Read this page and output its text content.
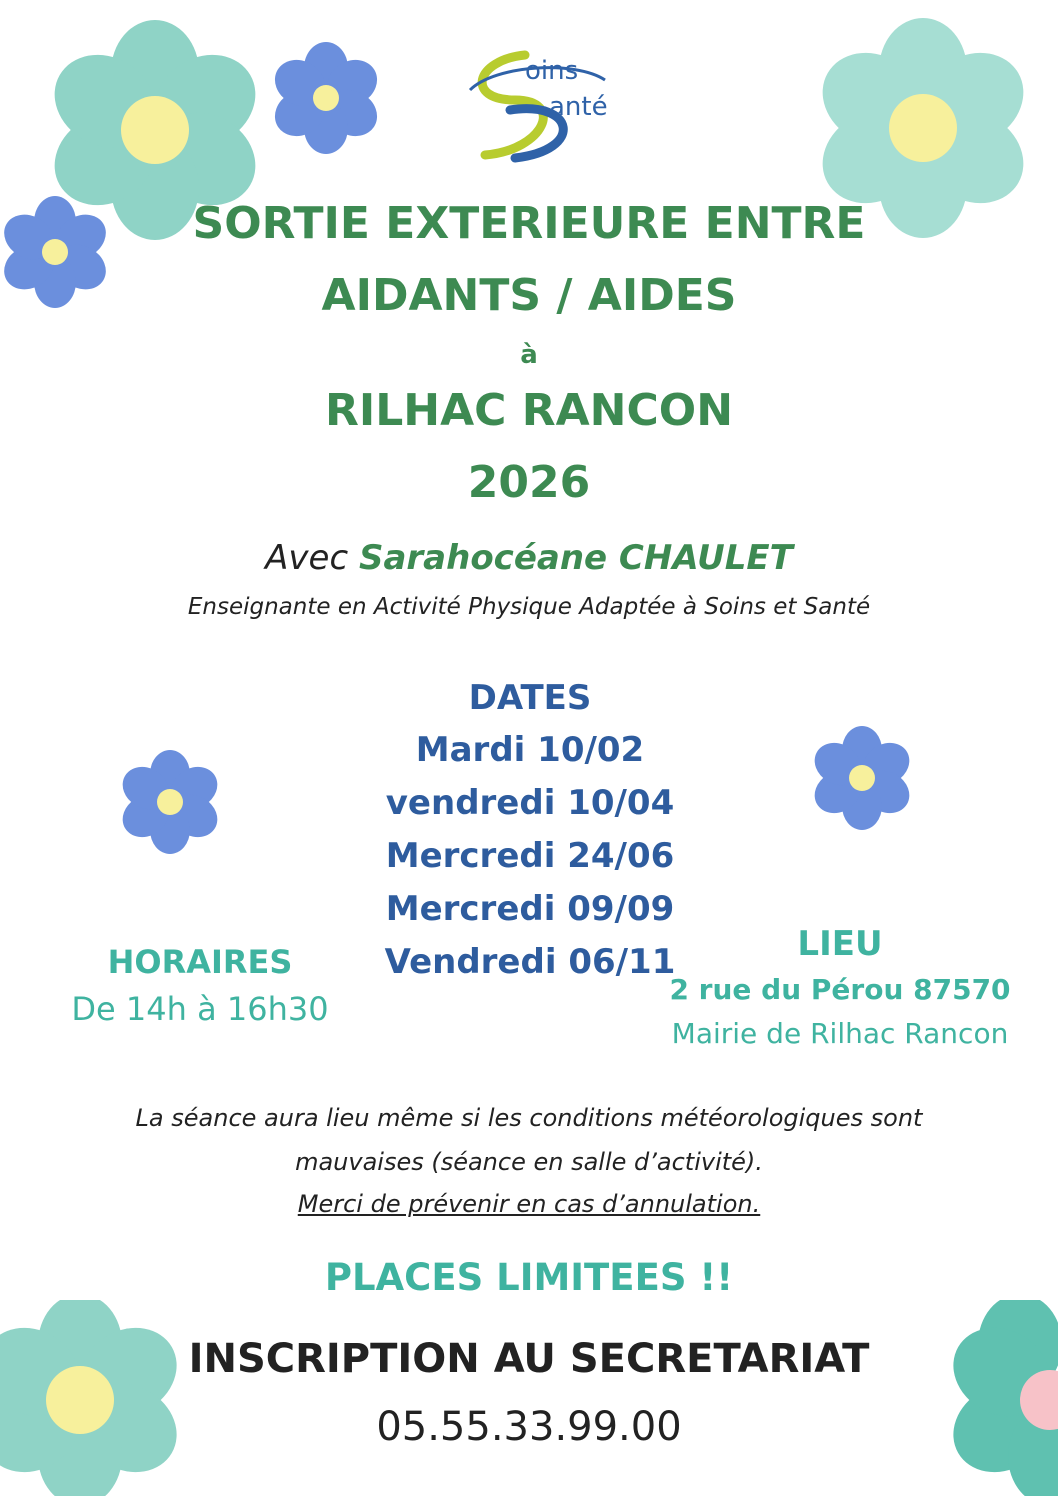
oins
anté

SORTIE EXTERIEURE ENTRE

AIDANTS / AIDES

à

RILHAC RANCON

2026

Avec Sarahocéane CHAULET

Enseignante en Activité Physique Adaptée à Soins et Santé

DATES
Mardi 10/02
vendredi 10/04
Mercredi 24/06
Mercredi 09/09
Vendredi 06/11
HORAIRES
De 14h à 16h30
LIEU
2 rue du Pérou 87570
Mairie de Rilhac Rancon

La séance aura lieu même si les conditions météorologiques sont

mauvaises (séance en salle d’activité).

Merci de prévenir en cas d’annulation.

PLACES LIMITEES !!

INSCRIPTION AU SECRETARIAT

05.55.33.99.00
